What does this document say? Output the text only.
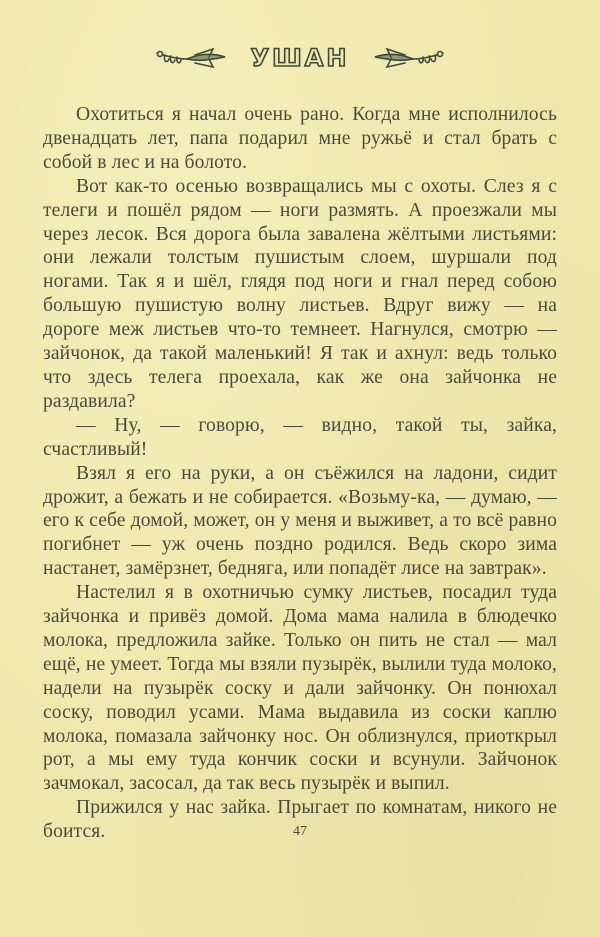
УШАН

Охотиться я начал очень рано. Когда мне исполнилось двенадцать лет, папа подарил мне ружьё и стал брать с собой в лес и на болото.

Вот как-то осенью возвращались мы с охоты. Слез я с телеги и пошёл рядом — ноги размять. А проезжали мы через лесок. Вся дорога была завалена жёлтыми листьями: они лежали толстым пушистым слоем, шуршали под ногами. Так я и шёл, глядя под ноги и гнал перед собою большую пушистую волну листьев. Вдруг вижу — на дороге меж листьев что-то темнеет. Нагнулся, смотрю — зайчонок, да такой маленький! Я так и ахнул: ведь только что здесь телега проехала, как же она зайчонка не раздавила?

— Ну, — говорю, — видно, такой ты, зайка, счастливый!

Взял я его на руки, а он съёжился на ладони, сидит дрожит, а бежать и не собирается. «Возьму-ка, — думаю, — его к себе домой, может, он у меня и выживет, а то всё равно погибнет — уж очень поздно родился. Ведь скоро зима настанет, замёрзнет, бедняга, или попадёт лисе на завтрак».

Настелил я в охотничью сумку листьев, посадил туда зайчонка и привёз домой. Дома мама налила в блюдечко молока, предложила зайке. Только он пить не стал — мал ещё, не умеет. Тогда мы взяли пузырёк, вылили туда молоко, надели на пузырёк соску и дали зайчонку. Он понюхал соску, поводил усами. Мама выдавила из соски каплю молока, помазала зайчонку нос. Он облизнулся, приоткрыл рот, а мы ему туда кончик соски и всунули. Зайчонок зачмокал, засосал, да так весь пузырёк и выпил.

Прижился у нас зайка. Прыгает по комнатам, никого не боится.	47
